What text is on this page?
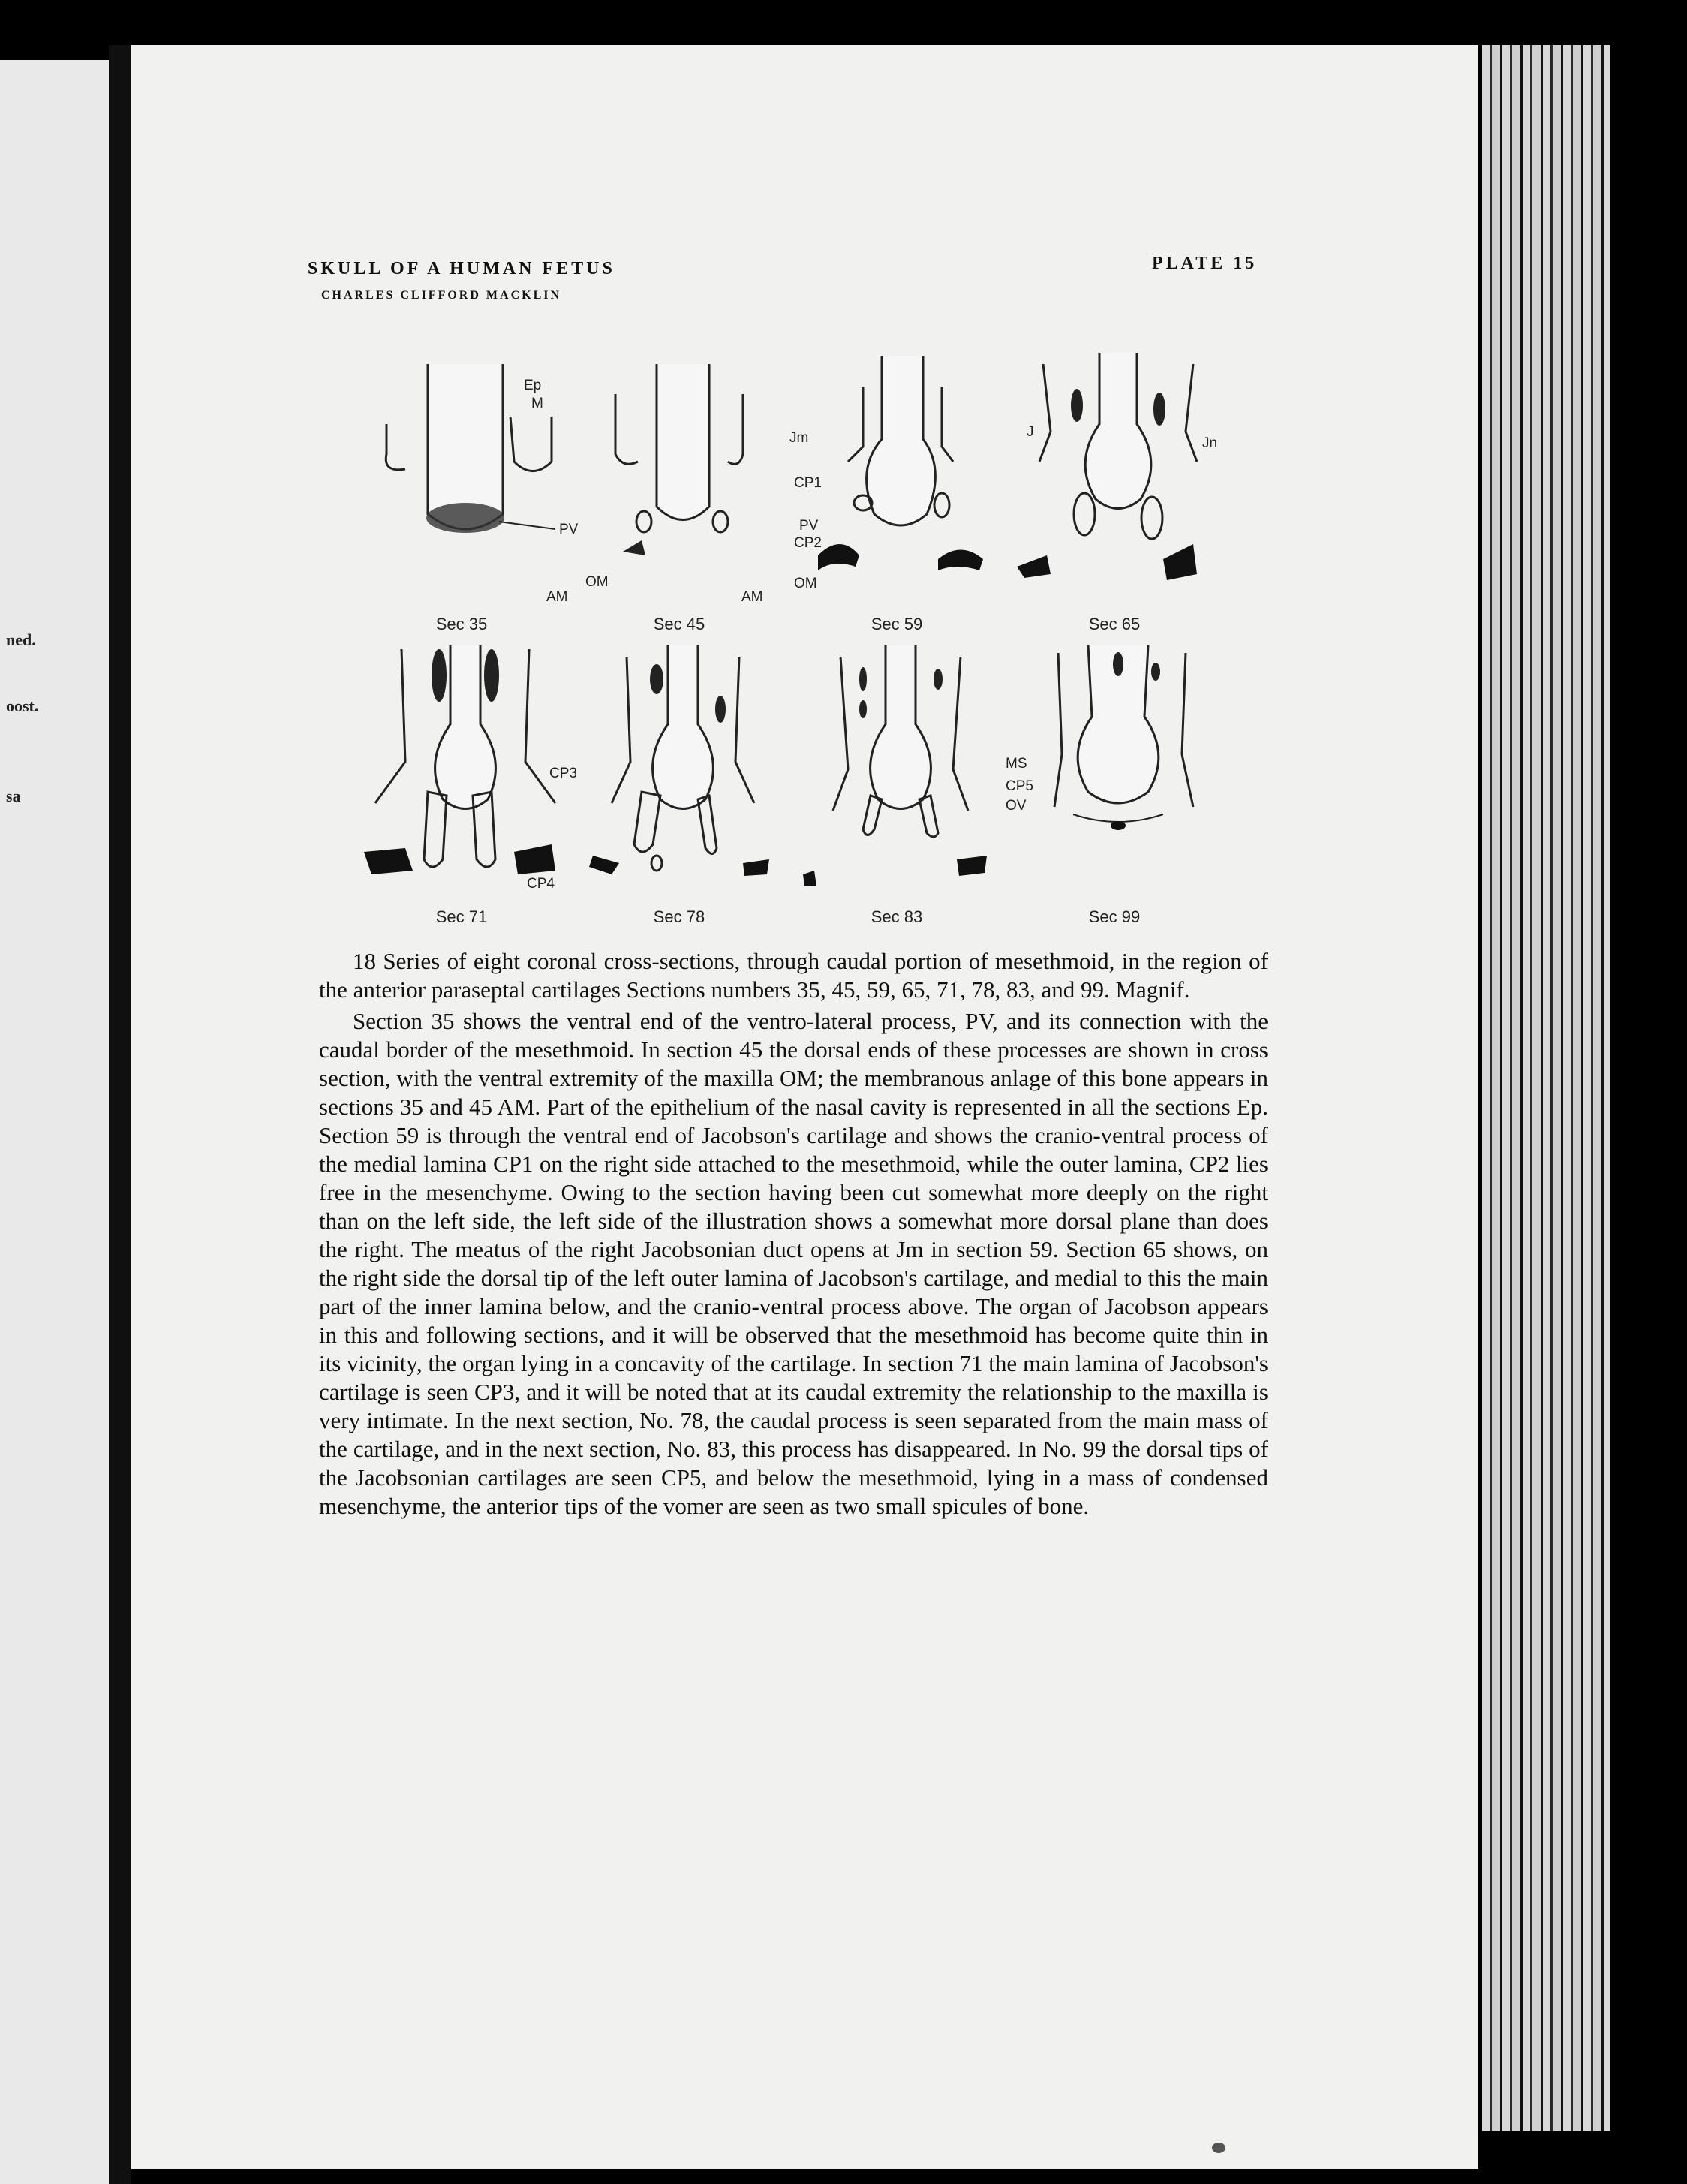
ned.
oost.
sa
SKULL OF A HUMAN FETUS
CHARLES CLIFFORD MACKLIN
PLATE 15
Ep
M
PV
AM
Sec 35
OM
AM
Sec 45
Jm
CP1
PV
CP2
OM
Sec 59
J
Jn
Sec 65
CP3
Sec 71
CP4
Sec 78	Sec 83
MS
CP5
OV
Sec 99

18 Series of eight coronal cross-sections, through caudal portion of mesethmoid, in the region of the anterior paraseptal cartilages Sections numbers 35, 45, 59, 65, 71, 78, 83, and 99. Magnif.

Section 35 shows the ventral end of the ventro-lateral process, PV, and its connection with the caudal border of the mesethmoid. In section 45 the dorsal ends of these processes are shown in cross section, with the ventral extremity of the maxilla OM; the membranous anlage of this bone appears in sections 35 and 45 AM. Part of the epithelium of the nasal cavity is represented in all the sections Ep. Section 59 is through the ventral end of Jacobson's cartilage and shows the cranio-ventral process of the medial lamina CP1 on the right side attached to the mesethmoid, while the outer lamina, CP2 lies free in the mesenchyme. Owing to the section having been cut somewhat more deeply on the right than on the left side, the left side of the illustration shows a somewhat more dorsal plane than does the right. The meatus of the right Jacobsonian duct opens at Jm in section 59. Section 65 shows, on the right side the dorsal tip of the left outer lamina of Jacobson's cartilage, and medial to this the main part of the inner lamina below, and the cranio-ventral process above. The organ of Jacobson appears in this and following sections, and it will be observed that the mesethmoid has become quite thin in its vicinity, the organ lying in a concavity of the cartilage. In section 71 the main lamina of Jacobson's cartilage is seen CP3, and it will be noted that at its caudal extremity the relationship to the maxilla is very intimate. In the next section, No. 78, the caudal process is seen separated from the main mass of the cartilage, and in the next section, No. 83, this process has disappeared. In No. 99 the dorsal tips of the Jacobsonian cartilages are seen CP5, and below the mesethmoid, lying in a mass of condensed mesenchyme, the anterior tips of the vomer are seen as two small spicules of bone.
